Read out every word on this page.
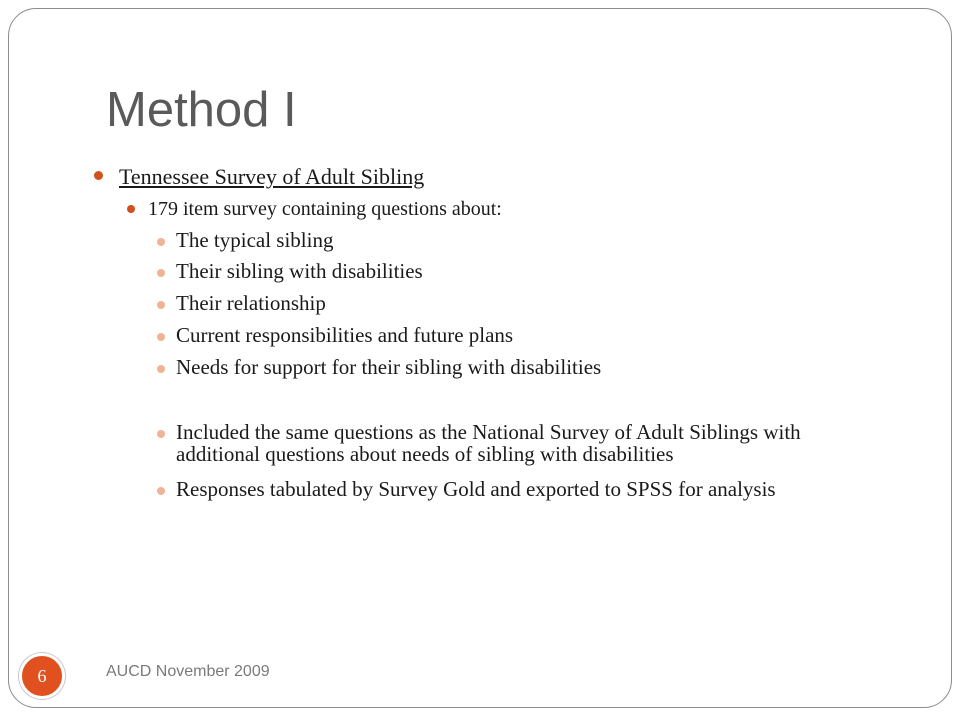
Method I
Tennessee Survey of Adult Sibling
179 item survey containing questions about:
The typical sibling
Their sibling with disabilities
Their relationship
Current responsibilities and future plans
Needs for support for their sibling with disabilities
Included the same questions as the National Survey of Adult Siblings with additional questions about needs of sibling with disabilities
Responses tabulated by Survey Gold and exported to SPSS for analysis
6	AUCD November 2009
